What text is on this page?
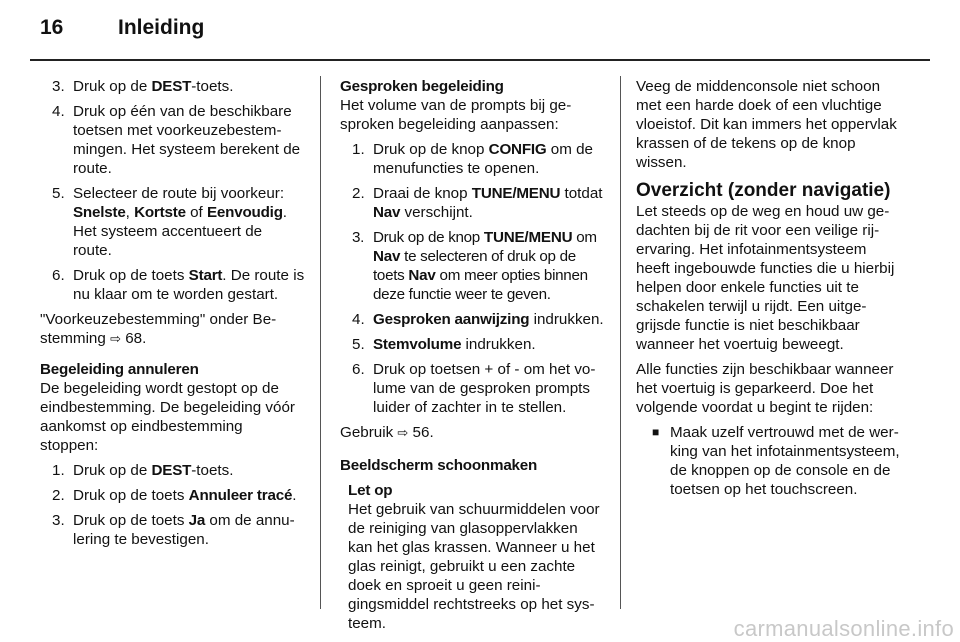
16	Inleiding
3. Druk op de DEST-toets.
4. Druk op één van de beschikbare toetsen met voorkeuzebestemmingen. Het systeem berekent de route.
5. Selecteer de route bij voorkeur:
Snelste, Kortste of Eenvoudig. Het systeem accentueert de route.
6. Druk op de toets Start. De route is nu klaar om te worden gestart.

"Voorkeuzebestemming" onder Bestemming ⇨ 68.

Begeleiding annuleren

De begeleiding wordt gestopt op de eindbestemming. De begeleiding vóór aankomst op eindbestemming stoppen:

1. Druk op de DEST-toets.
2. Druk op de toets Annuleer tracé.
3. Druk op de toets Ja om de annulering te bevestigen.

Gesproken begeleiding

Het volume van de prompts bij gesproken begeleiding aanpassen:

1. Druk op de knop CONFIG om de menufuncties te openen.
2. Draai de knop TUNE/MENU totdat Nav verschijnt.
3. Druk op de knop TUNE/MENU om Nav te selecteren of druk op de toets Nav om meer opties binnen deze functie weer te geven.
4. Gesproken aanwijzing indrukken.
5. Stemvolume indrukken.
6. Druk op toetsen + of - om het volume van de gesproken prompts luider of zachter in te stellen.

Gebruik ⇨ 56.

Beeldscherm schoonmaken

Let op

Het gebruik van schuurmiddelen voor de reiniging van glasoppervlakken kan het glas krassen. Wanneer u het glas reinigt, gebruikt u een zachte doek en sproeit u geen reinigingsmiddel rechtstreeks op het systeem.

Veeg de middenconsole niet schoon met een harde doek of een vluchtige vloeistof. Dit kan immers het oppervlak krassen of de tekens op de knop wissen.

Overzicht (zonder navigatie)

Let steeds op de weg en houd uw gedachten bij de rit voor een veilige rijervaring. Het infotainmentsysteem heeft ingebouwde functies die u hierbij helpen door enkele functies uit te schakelen terwijl u rijdt. Een uitgegrijsde functie is niet beschikbaar wanneer het voertuig beweegt.

Alle functies zijn beschikbaar wanneer het voertuig is geparkeerd. Doe het volgende voordat u begint te rijden:

■ Maak uzelf vertrouwd met de werking van het infotainmentsysteem, de knoppen op de console en de toetsen op het touchscreen.
carmanualsonline.info
